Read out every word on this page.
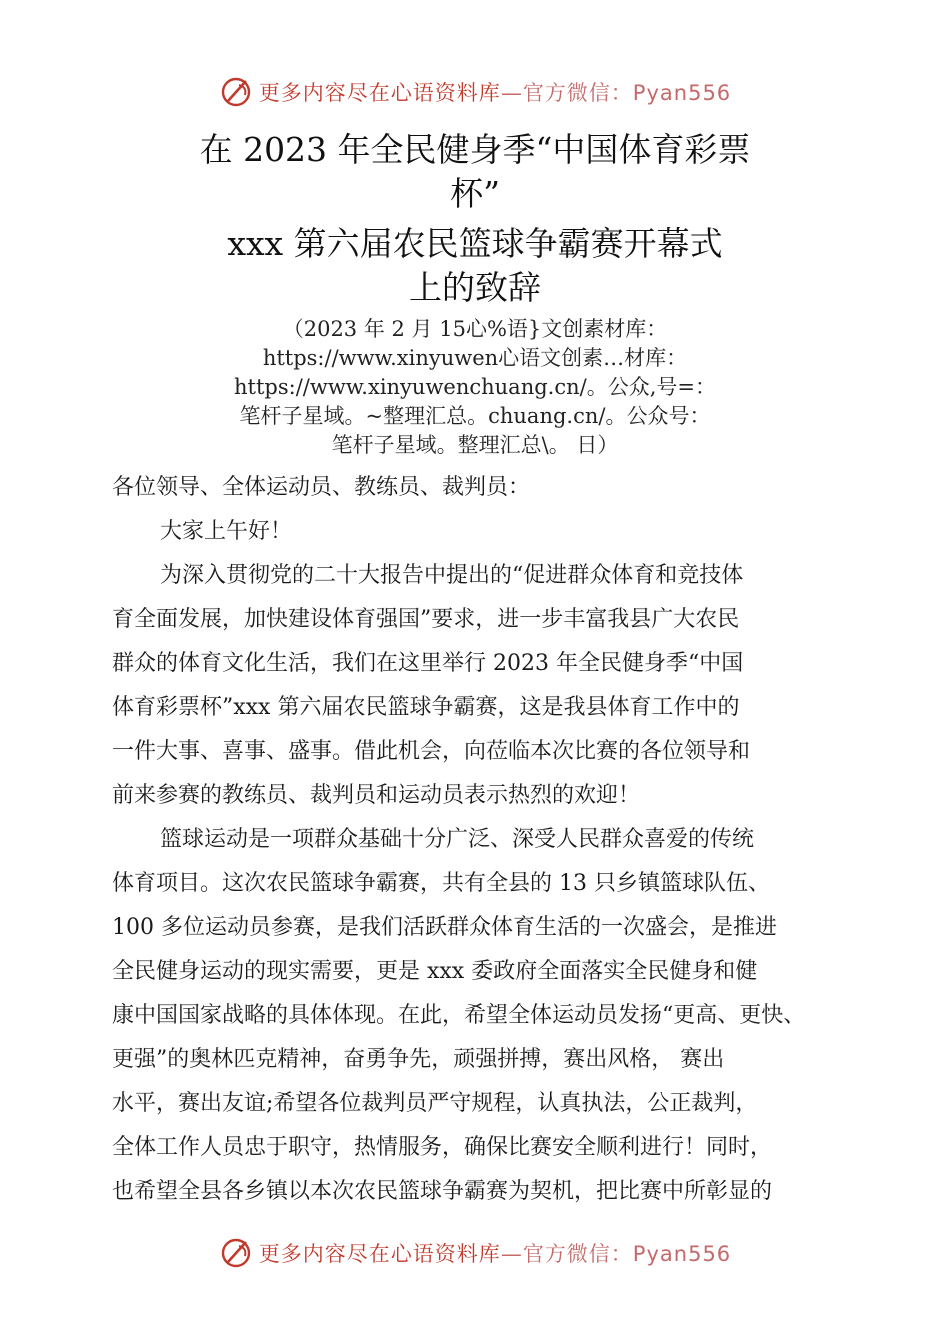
更多内容尽在心语资料库—官方微信：Pyan556
在 2023 年全民健身季“中国体育彩票
杯”
xxx 第六届农民篮球争霸赛开幕式
上的致辞
（2023 年 2 月 15心%语}文创素材库：
https://www.xinyuwen心语文创素…材库：
https://www.xinyuwenchuang.cn/。公众,号=：
笔杆子星域。~整理汇总。chuang.cn/。公众号：
笔杆子星域。整理汇总\。 日）
各位领导、全体运动员、教练员、裁判员：
大家上午好！
为深入贯彻党的二十大报告中提出的“促进群众体育和竞技体
育全面发展，加快建设体育强国”要求，进一步丰富我县广大农民
群众的体育文化生活，我们在这里举行 2023 年全民健身季“中国
体育彩票杯”xxx 第六届农民篮球争霸赛，这是我县体育工作中的
一件大事、喜事、盛事。借此机会，向莅临本次比赛的各位领导和
前来参赛的教练员、裁判员和运动员表示热烈的欢迎！
篮球运动是一项群众基础十分广泛、深受人民群众喜爱的传统
体育项目。这次农民篮球争霸赛，共有全县的 13 只乡镇篮球队伍、
100 多位运动员参赛，是我们活跃群众体育生活的一次盛会，是推进
全民健身运动的现实需要，更是 xxx 委政府全面落实全民健身和健
康中国国家战略的具体体现。在此，希望全体运动员发扬“更高、更快、
更强”的奥林匹克精神，奋勇争先，顽强拼搏，赛出风格， 赛出
水平，赛出友谊;希望各位裁判员严守规程，认真执法，公正裁判，
全体工作人员忠于职守，热情服务，确保比赛安全顺利进行！同时，
也希望全县各乡镇以本次农民篮球争霸赛为契机，把比赛中所彰显的
更多内容尽在心语资料库—官方微信：Pyan556
